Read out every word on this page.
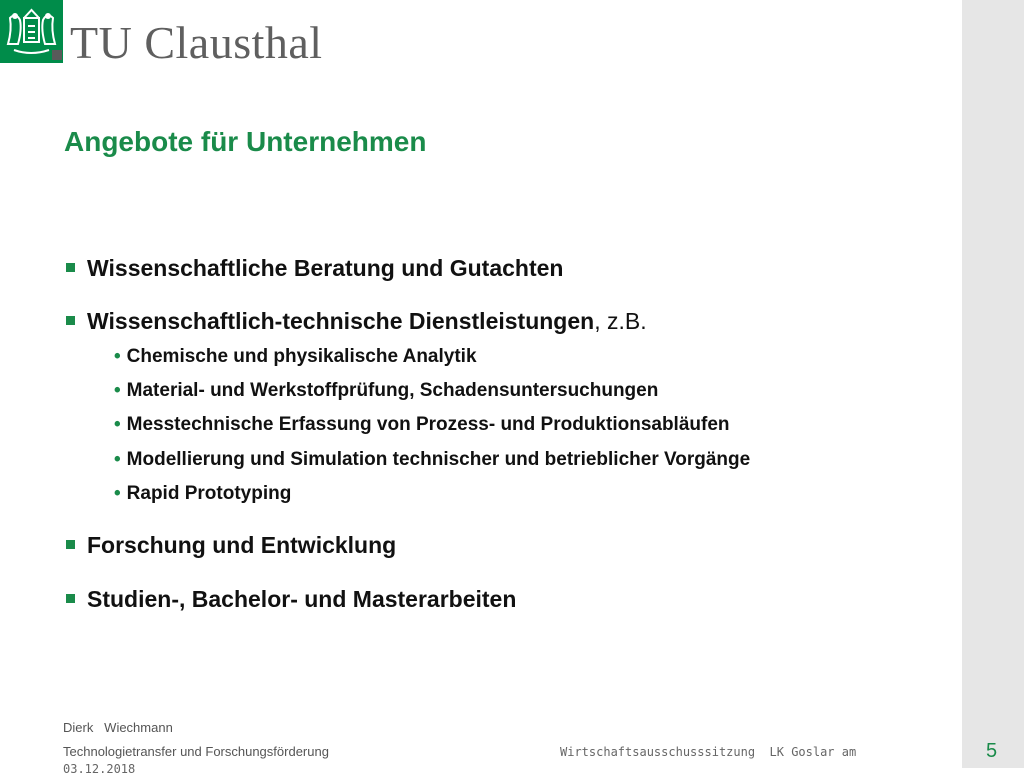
TU Clausthal
Angebote für Unternehmen
Wissenschaftliche Beratung und Gutachten
Wissenschaftlich-technische Dienstleistungen, z.B.
• Chemische und physikalische Analytik
• Material- und Werkstoffprüfung, Schadensuntersuchungen
• Messtechnische Erfassung von Prozess- und Produktionsabläufen
• Modellierung und Simulation technischer und betrieblicher Vorgänge
• Rapid Prototyping
Forschung und Entwicklung
Studien-, Bachelor- und Masterarbeiten
Dierk   Wiechmann
Technologietransfer und Forschungsförderung	Wirtschaftsausschusssitzung  LK Goslar am
03.12.2018
5
